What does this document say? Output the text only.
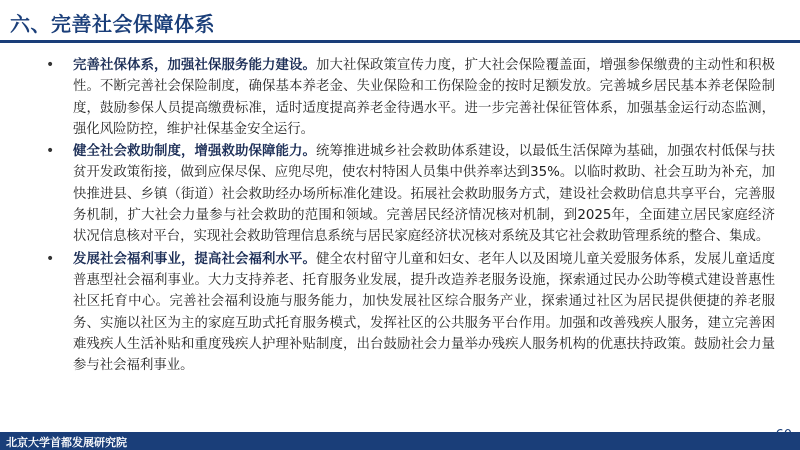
六、完善社会保障体系
• 完善社保体系，加强社保服务能力建设。加大社保政策宣传力度，扩大社会保险覆盖面，增强参保缴费的主动性和积极性。不断完善社会保险制度，确保基本养老金、失业保险和工伤保险金的按时足额发放。完善城乡居民基本养老保险制度，鼓励参保人员提高缴费标准，适时适度提高养老金待遇水平。进一步完善社保征管体系，加强基金运行动态监测，强化风险防控，维护社保基金安全运行。
• 健全社会救助制度，增强救助保障能力。统筹推进城乡社会救助体系建设，以最低生活保障为基础，加强农村低保与扶贫开发政策衔接，做到应保尽保、应兜尽兜，使农村特困人员集中供养率达到35%。以临时救助、社会互助为补充，加快推进县、乡镇（街道）社会救助经办场所标准化建设。拓展社会救助服务方式，建设社会救助信息共享平台，完善服务机制，扩大社会力量参与社会救助的范围和领域。完善居民经济情况核对机制，到2025年，全面建立居民家庭经济状况信息核对平台，实现社会救助管理信息系统与居民家庭经济状况核对系统及其它社会救助管理系统的整合、集成。
• 发展社会福利事业，提高社会福利水平。健全农村留守儿童和妇女、老年人以及困境儿童关爱服务体系，发展儿童适度普惠型社会福利事业。大力支持养老、托育服务业发展，提升改造养老服务设施，探索通过民办公助等模式建设普惠性社区托育中心。完善社会福利设施与服务能力，加快发展社区综合服务产业，探索通过社区为居民提供便捷的养老服务、实施以社区为主的家庭互助式托育服务模式，发挥社区的公共服务平台作用。加强和改善残疾人服务，建立完善困难残疾人生活补贴和重度残疾人护理补贴制度，出台鼓励社会力量举办残疾人服务机构的优惠扶持政策。鼓励社会力量参与社会福利事业。
北京大学首都发展研究院	60
